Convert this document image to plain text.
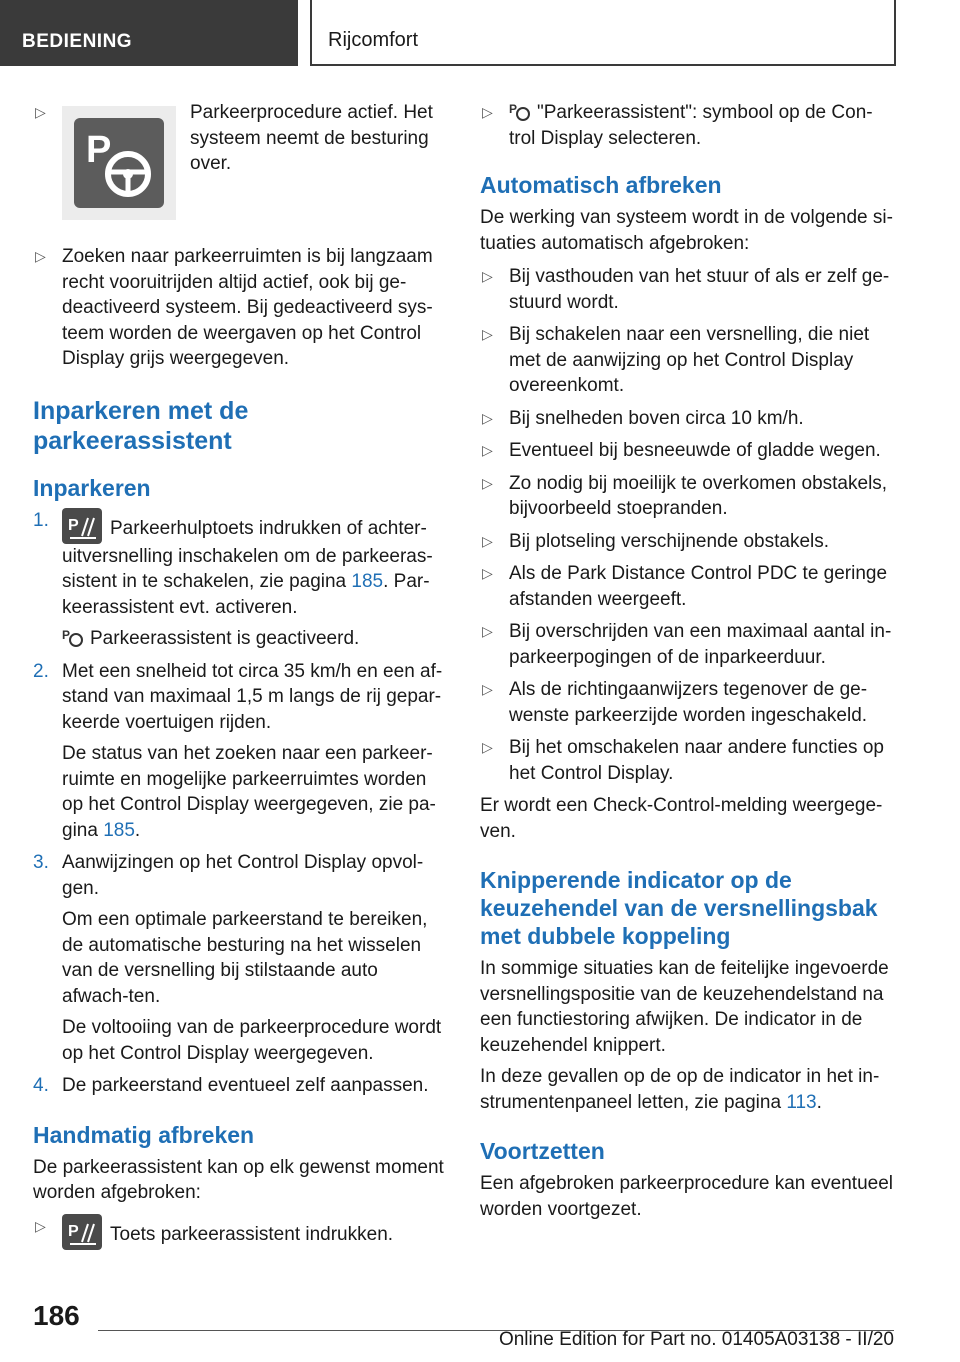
BEDIENING	Rijcomfort
▷
P
Parkeerprocedure actief. Het systeem neemt de besturing over.
▷ Zoeken naar parkeerruimten is bij langzaam recht vooruitrijden altijd actief, ook bij ge-deactiveerd systeem. Bij gedeactiveerd sys-teem worden de weergaven op het Control Display grijs weergegeven.
Inparkeren met de parkeerassistent
Inparkeren
1. P Parkeerhulptoets indrukken of achter-uitversnelling inschakelen om de parkeeras-sistent in te schakelen, zie pagina 185. Par-keerassistent evt. activeren.

P Parkeerassistent is geactiveerd.

2. Met een snelheid tot circa 35 km/h en een af-stand van maximaal 1,5 m langs de rij gepar-keerde voertuigen rijden.

De status van het zoeken naar een parkeer-ruimte en mogelijke parkeerruimtes worden op het Control Display weergegeven, zie pa-gina 185.

3. Aanwijzingen op het Control Display opvol-gen.

Om een optimale parkeerstand te bereiken, de automatische besturing na het wisselen van de versnelling bij stilstaande auto afwach-ten.

De voltooiing van de parkeerprocedure wordt op het Control Display weergegeven.

4. De parkeerstand eventueel zelf aanpassen.
Handmatig afbreken

De parkeerassistent kan op elk gewenst moment worden afgebroken:

▷ P Toets parkeerassistent indrukken.
▷ P "Parkeerassistent": symbool op de Con-trol Display selecteren.
Automatisch afbreken

De werking van systeem wordt in de volgende si-tuaties automatisch afgebroken:

▷ Bij vasthouden van het stuur of als er zelf ge-stuurd wordt.
▷ Bij schakelen naar een versnelling, die niet met de aanwijzing op het Control Display overeenkomt.
▷ Bij snelheden boven circa 10 km/h.
▷ Eventueel bij besneeuwde of gladde wegen.
▷ Zo nodig bij moeilijk te overkomen obstakels, bijvoorbeeld stoepranden.
▷ Bij plotseling verschijnende obstakels.
▷ Als de Park Distance Control PDC te geringe afstanden weergeeft.
▷ Bij overschrijden van een maximaal aantal in-parkeerpogingen of de inparkeerduur.
▷ Als de richtingaanwijzers tegenover de ge-wenste parkeerzijde worden ingeschakeld.
▷ Bij het omschakelen naar andere functies op het Control Display.

Er wordt een Check-Control-melding weergege-ven.

Knipperende indicator op de keuzehendel van de versnellingsbak met dubbele koppeling

In sommige situaties kan de feitelijke ingevoerde versnellingspositie van de keuzehendelstand na een functiestoring afwijken. De indicator in de keuzehendel knippert.

In deze gevallen op de op de indicator in het in-strumentenpaneel letten, zie pagina 113.

Voortzetten

Een afgebroken parkeerprocedure kan eventueel worden voortgezet.

186
Online Edition for Part no. 01405A03138 - II/20
